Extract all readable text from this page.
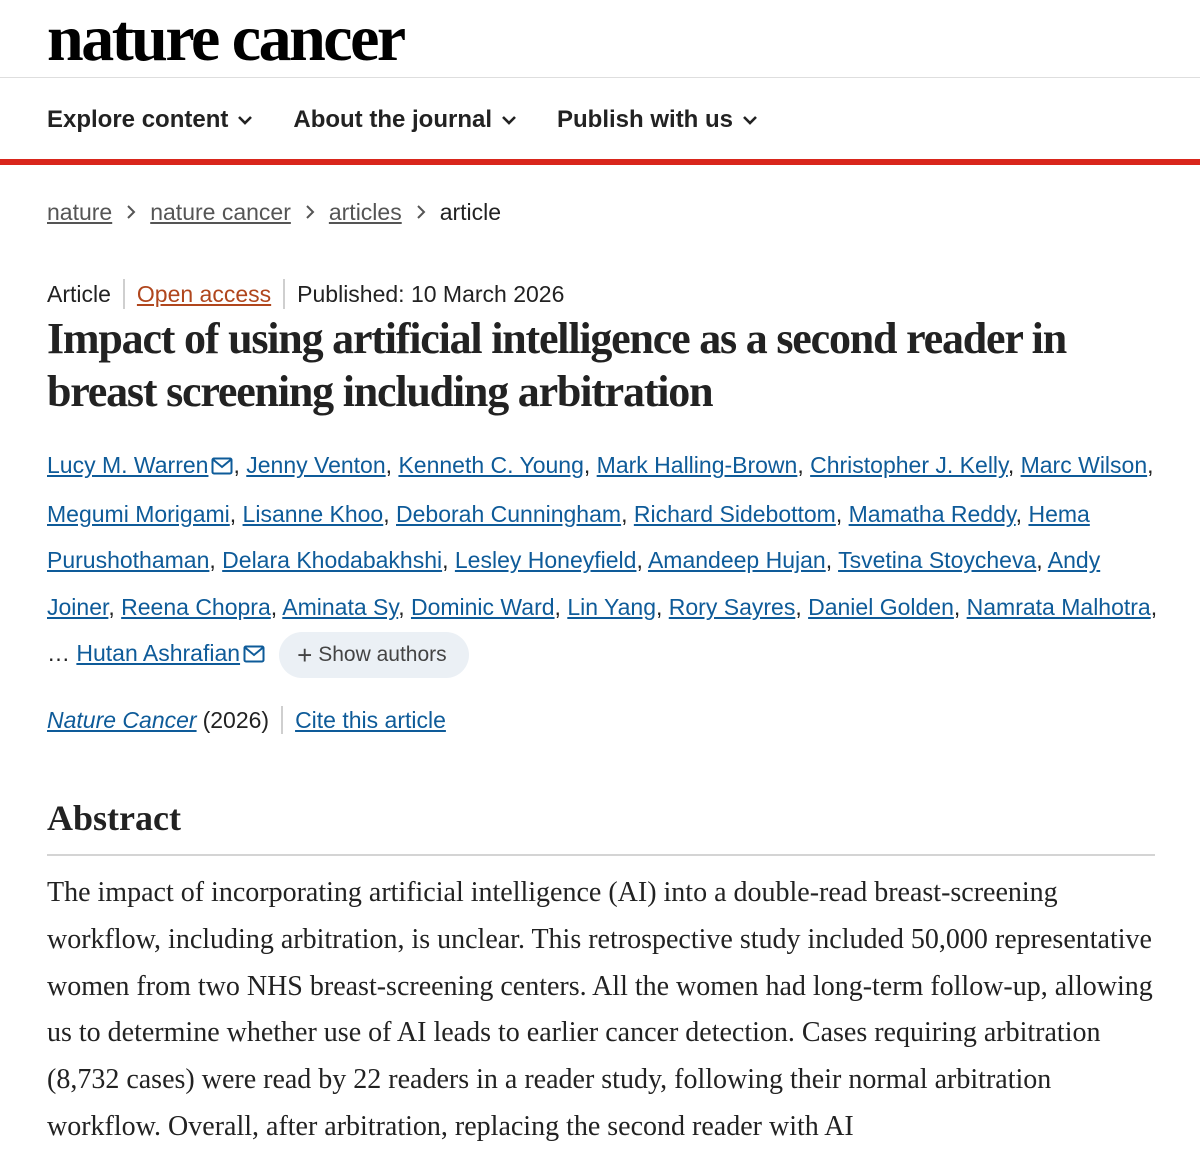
nature cancer
Explore content	About the journal	Publish with us
nature nature cancer articles article
Article Open access Published: 10 March 2026
Impact of using artificial intelligence as a second reader in breast screening including arbitration
Lucy M. Warren , Jenny Venton, Kenneth C. Young, Mark Halling-Brown, Christopher J. Kelly, Marc Wilson, Megumi Morigami, Lisanne Khoo, Deborah Cunningham, Richard Sidebottom, Mamatha Reddy, Hema Purushothaman, Delara Khodabakhshi, Lesley Honeyfield, Amandeep Hujan, Tsvetina Stoycheva, Andy Joiner, Reena Chopra, Aminata Sy, Dominic Ward, Lin Yang, Rory Sayres, Daniel Golden, Namrata Malhotra, … Hutan Ashrafian + Show authors
Nature Cancer (2026) Cite this article
Abstract

The impact of incorporating artificial intelligence (AI) into a double-read breast-screening workflow, including arbitration, is unclear. This retrospective study included 50,000 representative women from two NHS breast-screening centers. All the women had long-term follow-up, allowing us to determine whether use of AI leads to earlier cancer detection. Cases requiring arbitration (8,732 cases) were read by 22 readers in a reader study, following their normal arbitration workflow. Overall, after arbitration, replacing the second reader with AI
